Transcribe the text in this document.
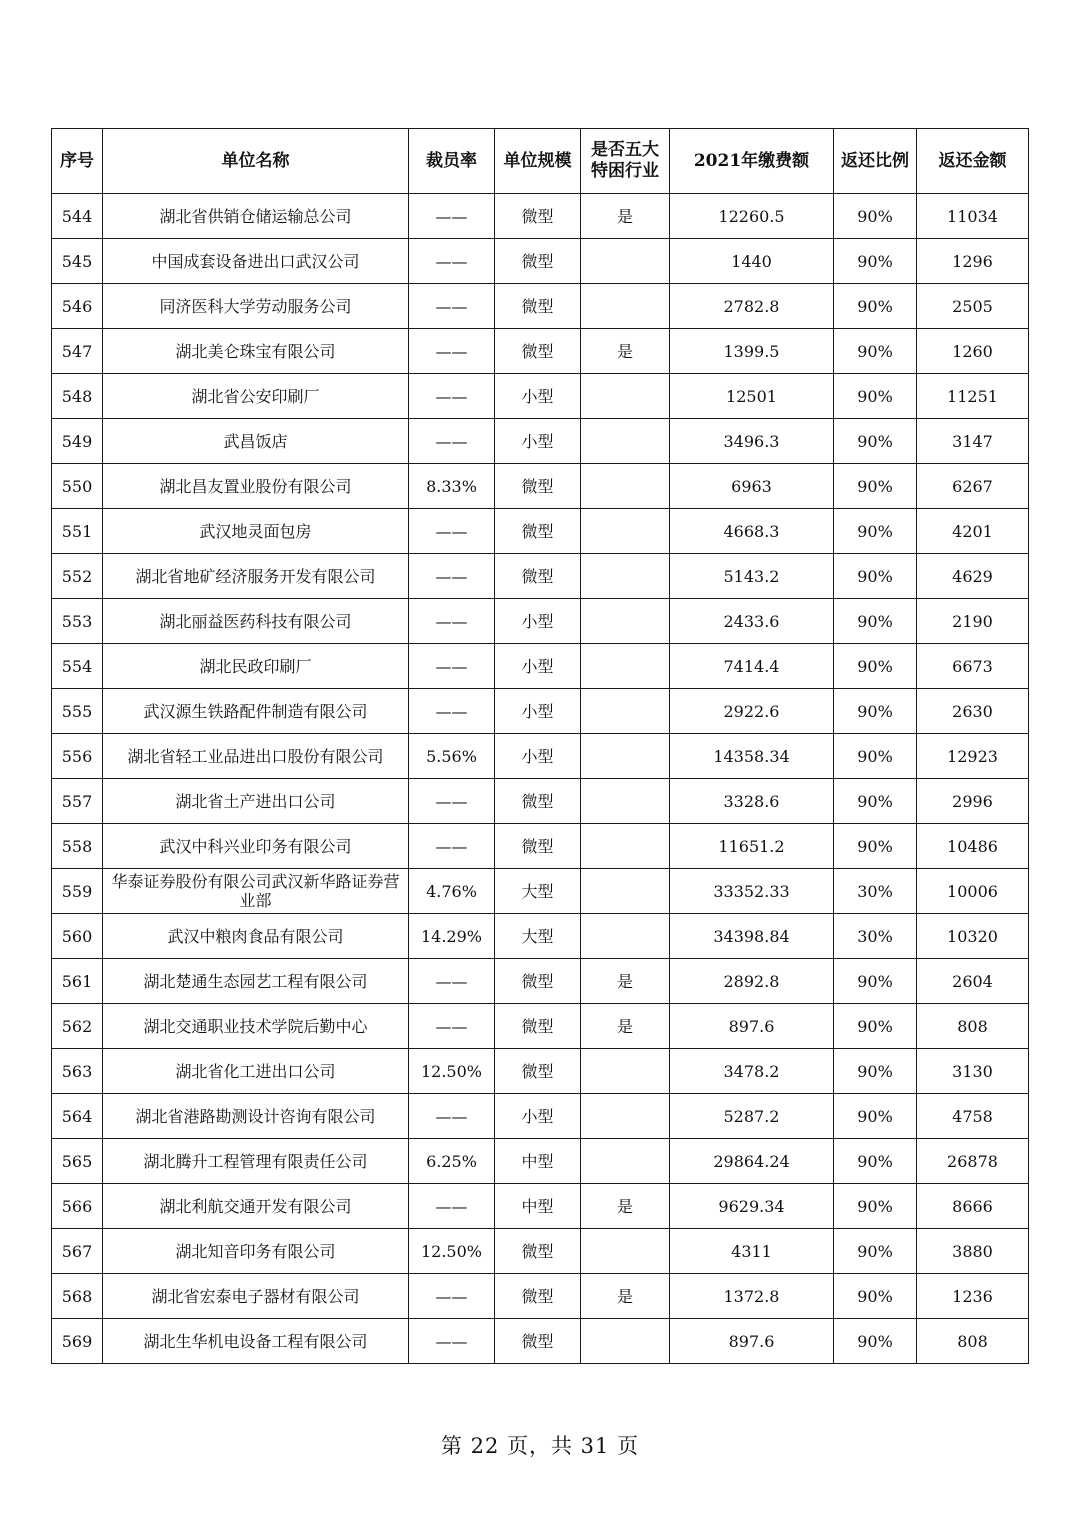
序号	单位名称	裁员率	单位规模	是否五大特困行业	2021年缴费额	返还比例	返还金额
544	湖北省供销仓储运输总公司	——	微型	是	12260.5	90%	11034
545	中国成套设备进出口武汉公司	——	微型		1440	90%	1296
546	同济医科大学劳动服务公司	——	微型		2782.8	90%	2505
547	湖北美仑珠宝有限公司	——	微型	是	1399.5	90%	1260
548	湖北省公安印刷厂	——	小型		12501	90%	11251
549	武昌饭店	——	小型		3496.3	90%	3147
550	湖北昌友置业股份有限公司	8.33%	微型		6963	90%	6267
551	武汉地灵面包房	——	微型		4668.3	90%	4201
552	湖北省地矿经济服务开发有限公司	——	微型		5143.2	90%	4629
553	湖北丽益医药科技有限公司	——	小型		2433.6	90%	2190
554	湖北民政印刷厂	——	小型		7414.4	90%	6673
555	武汉源生铁路配件制造有限公司	——	小型		2922.6	90%	2630
556	湖北省轻工业品进出口股份有限公司	5.56%	小型		14358.34	90%	12923
557	湖北省土产进出口公司	——	微型		3328.6	90%	2996
558	武汉中科兴业印务有限公司	——	微型		11651.2	90%	10486
559	华泰证券股份有限公司武汉新华路证券营业部	4.76%	大型		33352.33	30%	10006
560	武汉中粮肉食品有限公司	14.29%	大型		34398.84	30%	10320
561	湖北楚通生态园艺工程有限公司	——	微型	是	2892.8	90%	2604
562	湖北交通职业技术学院后勤中心	——	微型	是	897.6	90%	808
563	湖北省化工进出口公司	12.50%	微型		3478.2	90%	3130
564	湖北省港路勘测设计咨询有限公司	——	小型		5287.2	90%	4758
565	湖北腾升工程管理有限责任公司	6.25%	中型		29864.24	90%	26878
566	湖北利航交通开发有限公司	——	中型	是	9629.34	90%	8666
567	湖北知音印务有限公司	12.50%	微型		4311	90%	3880
568	湖北省宏泰电子器材有限公司	——	微型	是	1372.8	90%	1236
569	湖北生华机电设备工程有限公司	——	微型		897.6	90%	808
第 22 页，共 31 页
